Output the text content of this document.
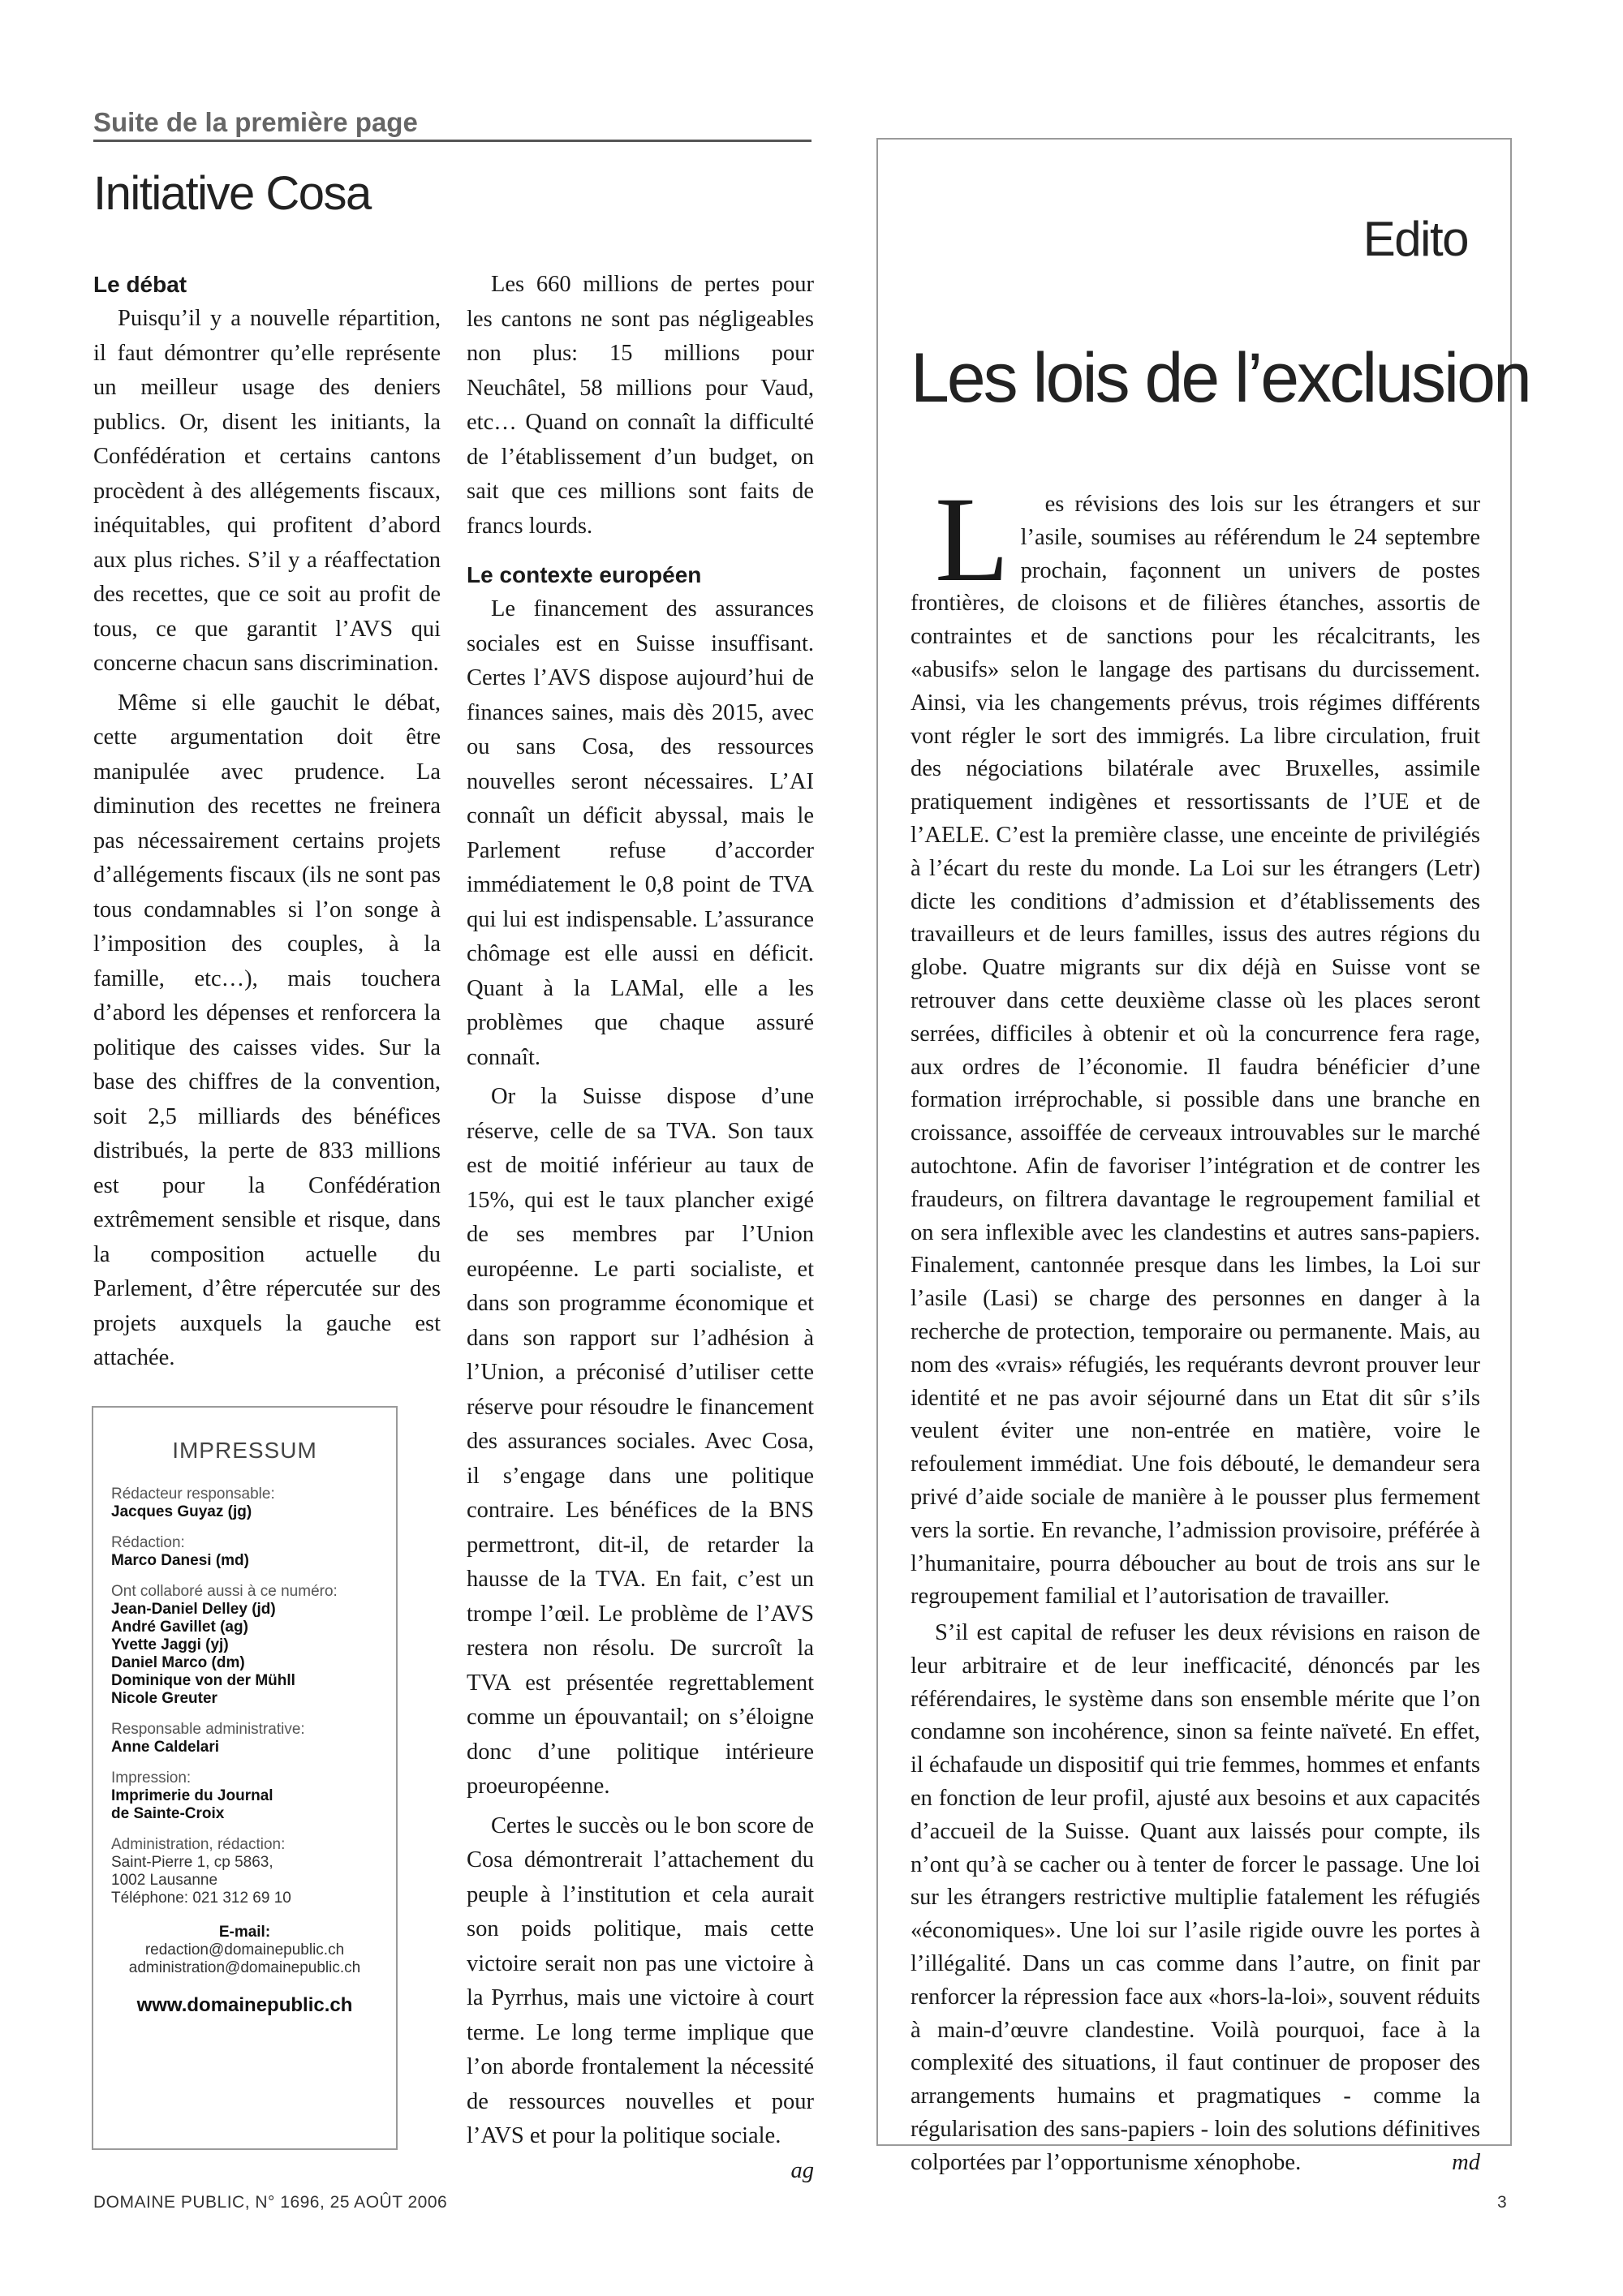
Suite de la première page
Initiative Cosa
Le débat

Puisqu’il y a nouvelle répartition, il faut démontrer qu’elle représente un meilleur usage des deniers publics. Or, disent les initiants, la Confédération et certains cantons procèdent à des allégements fiscaux, inéquitables, qui profitent d’abord aux plus riches. S’il y a réaffectation des recettes, que ce soit au profit de tous, ce que garantit l’AVS qui concerne chacun sans discrimination.

Même si elle gauchit le débat, cette argumentation doit être manipulée avec prudence. La diminution des recettes ne freinera pas nécessairement certains projets d’allégements fiscaux (ils ne sont pas tous condamnables si l’on songe à l’imposition des couples, à la famille, etc…), mais touchera d’abord les dépenses et renforcera la politique des caisses vides. Sur la base des chiffres de la convention, soit 2,5 milliards des bénéfices distribués, la perte de 833 millions est pour la Confédération extrêmement sensible et risque, dans la composition actuelle du Parlement, d’être répercutée sur des projets auxquels la gauche est attachée.

IMPRESSUM
Rédacteur responsable:
Jacques Guyaz (jg)
Rédaction:
Marco Danesi (md)
Ont collaboré aussi à ce numéro:
Jean-Daniel Delley (jd)
André Gavillet (ag)
Yvette Jaggi (yj)
Daniel Marco (dm)
Dominique von der Mühll
Nicole Greuter
Responsable administrative:
Anne Caldelari
Impression:
Imprimerie du Journal
de Sainte-Croix
Administration, rédaction:
Saint-Pierre 1, cp 5863,
1002 Lausanne
Téléphone: 021 312 69 10
E-mail:
redaction@domainepublic.ch
administration@domainepublic.ch
www.domainepublic.ch

Les 660 millions de pertes pour les cantons ne sont pas négligeables non plus: 15 millions pour Neuchâtel, 58 millions pour Vaud, etc… Quand on connaît la difficulté de l’établissement d’un budget, on sait que ces millions sont faits de francs lourds.

Le contexte européen

Le financement des assurances sociales est en Suisse insuffisant. Certes l’AVS dispose aujourd’hui de finances saines, mais dès 2015, avec ou sans Cosa, des ressources nouvelles seront nécessaires. L’AI connaît un déficit abyssal, mais le Parlement refuse d’accorder immédiatement le 0,8 point de TVA qui lui est indispensable. L’assurance chômage est elle aussi en déficit. Quant à la LAMal, elle a les problèmes que chaque assuré connaît.

Or la Suisse dispose d’une réserve, celle de sa TVA. Son taux est de moitié inférieur au taux de 15%, qui est le taux plancher exigé de ses membres par l’Union européenne. Le parti socialiste, et dans son programme économique et dans son rapport sur l’adhésion à l’Union, a préconisé d’utiliser cette réserve pour résoudre le financement des assurances sociales. Avec Cosa, il s’engage dans une politique contraire. Les bénéfices de la BNS permettront, dit-il, de retarder la hausse de la TVA. En fait, c’est un trompe l’œil. Le problème de l’AVS restera non résolu. De surcroît la TVA est présentée regrettablement comme un épouvantail; on s’éloigne donc d’une politique intérieure proeuropéenne.

Certes le succès ou le bon score de Cosa démontrerait l’attachement du peuple à l’institution et cela aurait son poids politique, mais cette victoire serait non pas une victoire à la Pyrrhus, mais une victoire à court terme. Le long terme implique que l’on aborde frontalement la nécessité de ressources nouvelles et pour l’AVS et pour la politique sociale.
ag

Edito
Les lois de l’exclusion

L es révisions des lois sur les étrangers et sur l’asile, soumises au référendum le 24 septembre prochain, façonnent un univers de postes frontières, de cloisons et de filières étanches, assortis de contraintes et de sanctions pour les récalcitrants, les «abusifs» selon le langage des partisans du durcissement. Ainsi, via les changements prévus, trois régimes différents vont régler le sort des immigrés. La libre circulation, fruit des négociations bilatérale avec Bruxelles, assimile pratiquement indigènes et ressortissants de l’UE et de l’AELE. C’est la première classe, une enceinte de privilégiés à l’écart du reste du monde. La Loi sur les étrangers (Letr) dicte les conditions d’admission et d’établissements des travailleurs et de leurs familles, issus des autres régions du globe. Quatre migrants sur dix déjà en Suisse vont se retrouver dans cette deuxième classe où les places seront serrées, difficiles à obtenir et où la concurrence fera rage, aux ordres de l’économie. Il faudra bénéficier d’une formation irréprochable, si possible dans une branche en croissance, assoiffée de cerveaux introuvables sur le marché autochtone. Afin de favoriser l’intégration et de contrer les fraudeurs, on filtrera davantage le regroupement familial et on sera inflexible avec les clandestins et autres sans-papiers. Finalement, cantonnée presque dans les limbes, la Loi sur l’asile (Lasi) se charge des personnes en danger à la recherche de protection, temporaire ou permanente. Mais, au nom des «vrais» réfugiés, les requérants devront prouver leur identité et ne pas avoir séjourné dans un Etat dit sûr s’ils veulent éviter une non-entrée en matière, voire le refoulement immédiat. Une fois débouté, le demandeur sera privé d’aide sociale de manière à le pousser plus fermement vers la sortie. En revanche, l’admission provisoire, préférée à l’humanitaire, pourra déboucher au bout de trois ans sur le regroupement familial et l’autorisation de travailler.

S’il est capital de refuser les deux révisions en raison de leur arbitraire et de leur inefficacité, dénoncés par les référendaires, le système dans son ensemble mérite que l’on condamne son incohérence, sinon sa feinte naïveté. En effet, il échafaude un dispositif qui trie femmes, hommes et enfants en fonction de leur profil, ajusté aux besoins et aux capacités d’accueil de la Suisse. Quant aux laissés pour compte, ils n’ont qu’à se cacher ou à tenter de forcer le passage. Une loi sur les étrangers restrictive multiplie fatalement les réfugiés «économiques». Une loi sur l’asile rigide ouvre les portes à l’illégalité. Dans un cas comme dans l’autre, on finit par renforcer la répression face aux «hors-la-loi», souvent réduits à main-d’œuvre clandestine. Voilà pourquoi, face à la complexité des situations, il faut continuer de proposer des arrangements humains et pragmatiques - comme la régularisation des sans-papiers - loin des solutions définitives colportées par l’opportunisme xénophobe.	md

DOMAINE PUBLIC, N° 1696, 25 AOÛT 2006	3
